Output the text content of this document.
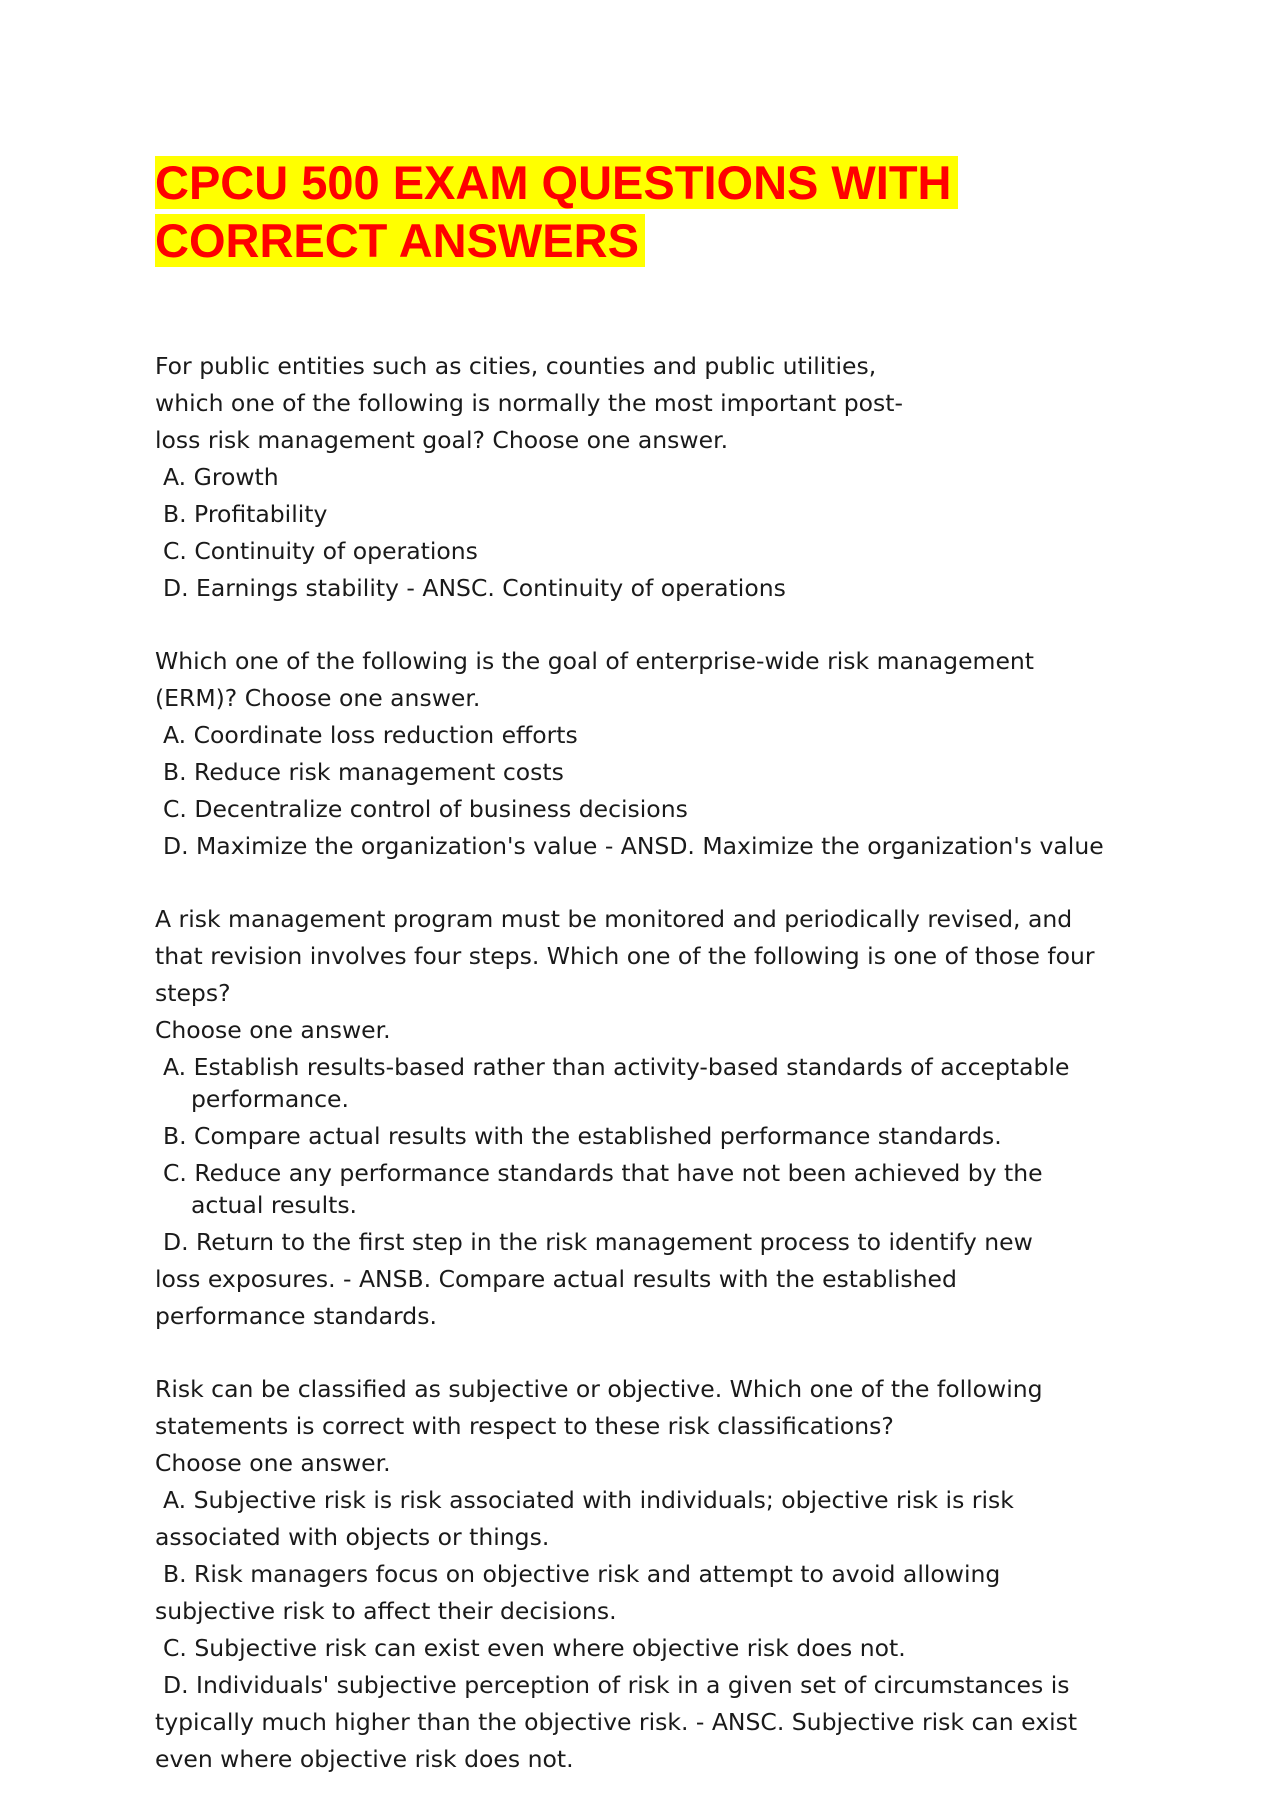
CPCU 500 EXAM QUESTIONS WITH
CORRECT ANSWERS

For public entities such as cities, counties and public utilities, which one of the following is normally the most important post-loss risk management goal? Choose one answer.

A. Growth

B. Profitability

C. Continuity of operations

D. Earnings stability - ANSC. Continuity of operations

Which one of the following is the goal of enterprise-wide risk management (ERM)? Choose one answer.

A. Coordinate loss reduction efforts

B. Reduce risk management costs

C. Decentralize control of business decisions

D. Maximize the organization's value - ANSD. Maximize the organization's value

A risk management program must be monitored and periodically revised, and that revision involves four steps. Which one of the following is one of those four steps?

Choose one answer.

A. Establish results-based rather than activity-based standards of acceptable performance.

B. Compare actual results with the established performance standards.

C. Reduce any performance standards that have not been achieved by the actual results.

D. Return to the first step in the risk management process to identify new loss exposures. - ANSB. Compare actual results with the established performance standards.

Risk can be classified as subjective or objective. Which one of the following statements is correct with respect to these risk classifications?

Choose one answer.

A. Subjective risk is risk associated with individuals; objective risk is risk associated with objects or things.

B. Risk managers focus on objective risk and attempt to avoid allowing subjective risk to affect their decisions.

C. Subjective risk can exist even where objective risk does not.

D. Individuals' subjective perception of risk in a given set of circumstances is typically much higher than the objective risk. - ANSC. Subjective risk can exist even where objective risk does not.
